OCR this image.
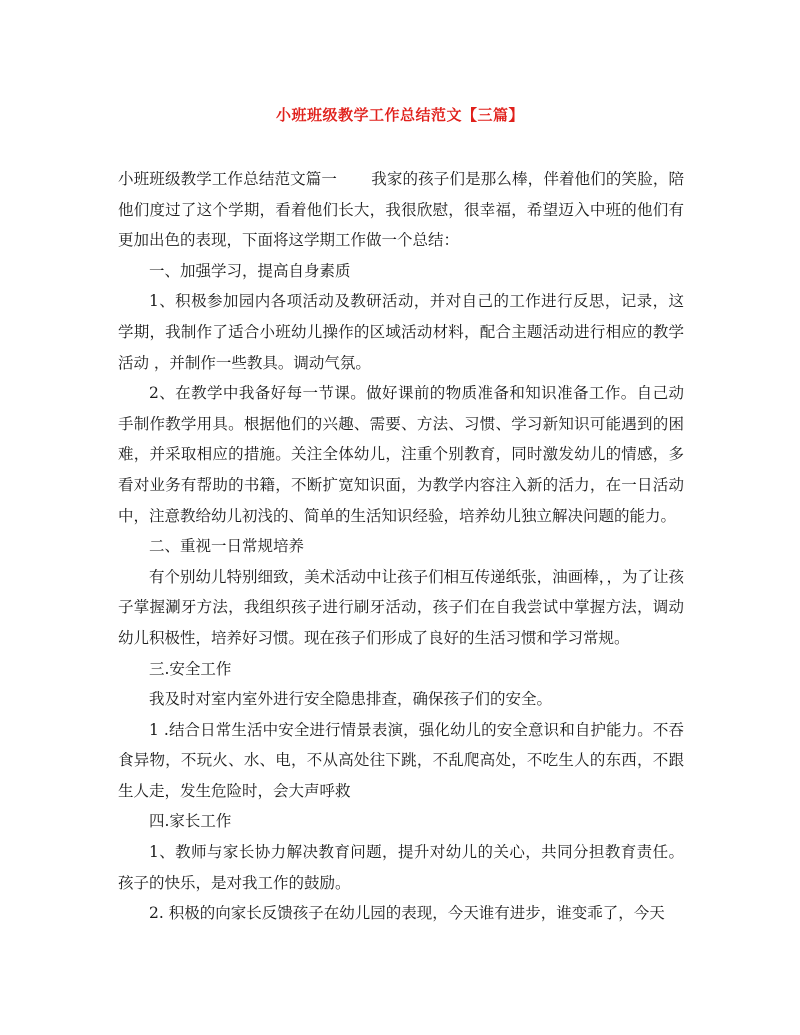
小班班级教学工作总结范文【三篇】

小班班级教学工作总结范文篇一 我家的孩子们是那么棒，伴着他们的笑脸，陪他们度过了这个学期，看着他们长大，我很欣慰，很幸福，希望迈入中班的他们有更加出色的表现，下面将这学期工作做一个总结：

一、加强学习，提高自身素质

1、积极参加园内各项活动及教研活动，并对自己的工作进行反思，记录，这学期，我制作了适合小班幼儿操作的区域活动材料，配合主题活动进行相应的教学活动 ，并制作一些教具。调动气氛。

2、在教学中我备好每一节课。做好课前的物质准备和知识准备工作。自己动手制作教学用具。根据他们的兴趣、需要、方法、习惯、学习新知识可能遇到的困难，并采取相应的措施。关注全体幼儿，注重个别教育，同时激发幼儿的情感，多看对业务有帮助的书籍，不断扩宽知识面，为教学内容注入新的活力，在一日活动中，注意教给幼儿初浅的、简单的生活知识经验，培养幼儿独立解决问题的能力。

二、重视一日常规培养

有个别幼儿特别细致，美术活动中让孩子们相互传递纸张，油画棒，，为了让孩子掌握涮牙方法，我组织孩子进行刷牙活动，孩子们在自我尝试中掌握方法，调动幼儿积极性，培养好习惯。现在孩子们形成了良好的生活习惯和学习常规。

三.安全工作

我及时对室内室外进行安全隐患排查，确保孩子们的安全。

1 .结合日常生活中安全进行情景表演，强化幼儿的安全意识和自护能力。不吞食异物，不玩火、水、电，不从高处往下跳，不乱爬高处，不吃生人的东西，不跟生人走，发生危险时，会大声呼救

四.家长工作

1、教师与家长协力解决教育问题，提升对幼儿的关心，共同分担教育责任。孩子的快乐，是对我工作的鼓励。

2. 积极的向家长反馈孩子在幼儿园的表现，今天谁有进步，谁变乖了，今天
